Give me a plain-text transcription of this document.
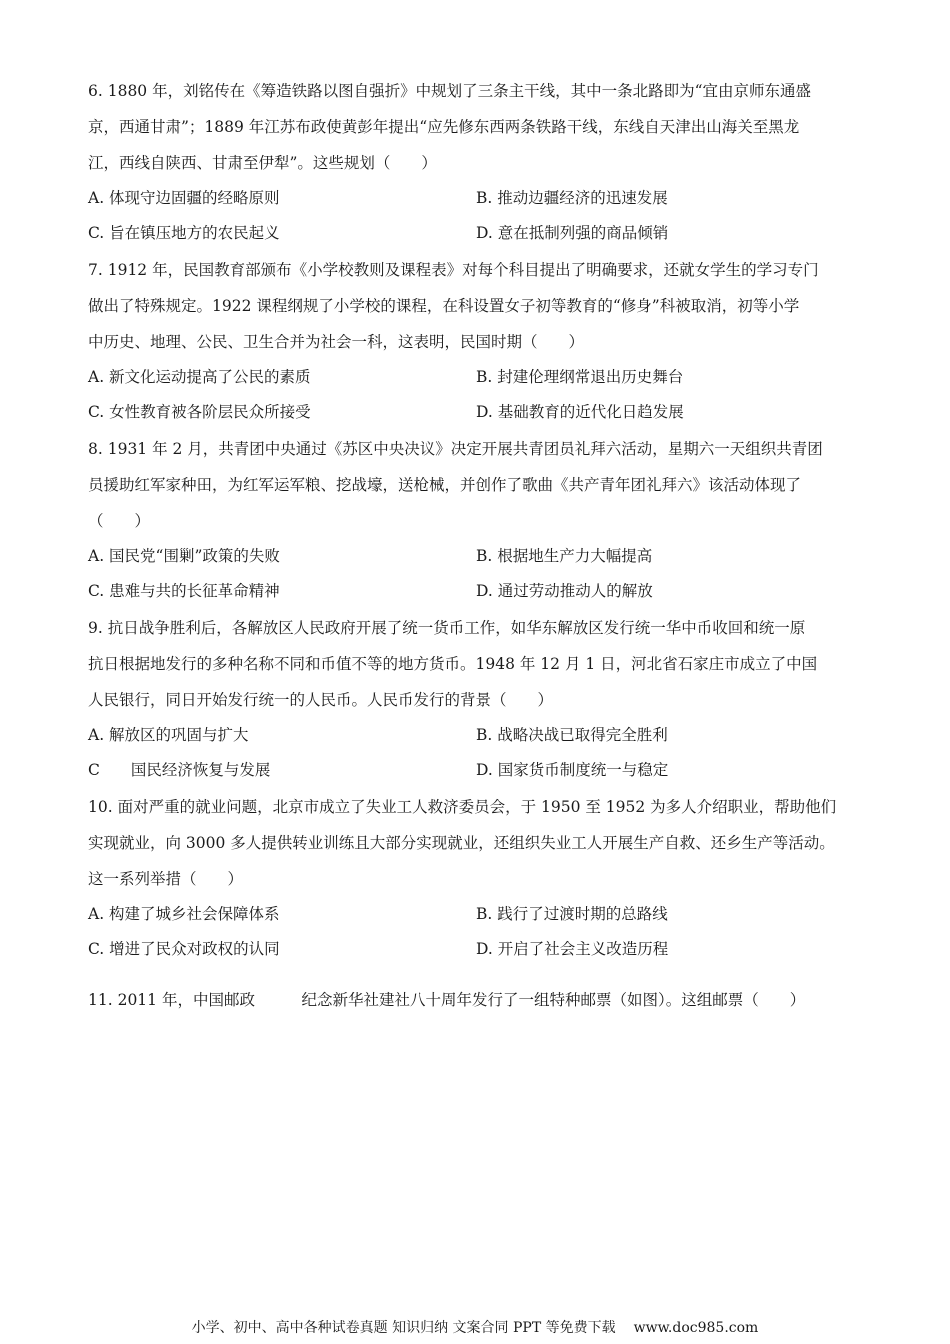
6. 1880 年，刘铭传在《筹造铁路以图自强折》中规划了三条主干线，其中一条北路即为“宜由京师东通盛
京，西通甘肃”；1889 年江苏布政使黄彭年提出“应先修东西两条铁路干线，东线自天津出山海关至黑龙
江，西线自陕西、甘肃至伊犁”。这些规划（　　）
A. 体现守边固疆的经略原则	B. 推动边疆经济的迅速发展
C. 旨在镇压地方的农民起义	D. 意在抵制列强的商品倾销
7. 1912 年，民国教育部颁布《小学校教则及课程表》对每个科目提出了明确要求，还就女学生的学习专门
做出了特殊规定。1922 课程纲规了小学校的课程，在科设置女子初等教育的“修身”科被取消，初等小学
中历史、地理、公民、卫生合并为社会一科，这表明，民国时期（　　）
A. 新文化运动提高了公民的素质	B. 封建伦理纲常退出历史舞台
C. 女性教育被各阶层民众所接受	D. 基础教育的近代化日趋发展
8. 1931 年 2 月，共青团中央通过《苏区中央决议》决定开展共青团员礼拜六活动，星期六一天组织共青团
员援助红军家种田，为红军运军粮、挖战壕，送枪械，并创作了歌曲《共产青年团礼拜六》该活动体现了
（　　）
A. 国民党“围剿”政策的失败	B. 根据地生产力大幅提高
C. 患难与共的长征革命精神	D. 通过劳动推动人的解放
9. 抗日战争胜利后，各解放区人民政府开展了统一货币工作，如华东解放区发行统一华中币收回和统一原
抗日根据地发行的多种名称不同和币值不等的地方货币。1948 年 12 月 1 日，河北省石家庄市成立了中国
人民银行，同日开始发行统一的人民币。人民币发行的背景（　　）
A. 解放区的巩固与扩大	B. 战略决战已取得完全胜利
C　　国民经济恢复与发展	D. 国家货币制度统一与稳定
10. 面对严重的就业问题，北京市成立了失业工人救济委员会，于 1950 至 1952 为多人介绍职业，帮助他们
实现就业，向 3000 多人提供转业训练且大部分实现就业，还组织失业工人开展生产自救、还乡生产等活动。
这一系列举措（　　）
A. 构建了城乡社会保障体系	B. 践行了过渡时期的总路线
C. 增进了民众对政权的认同	D. 开启了社会主义改造历程
11. 2011 年，中国邮政　　　纪念新华社建社八十周年发行了一组特种邮票（如图）。这组邮票（　　）
小学、初中、高中各种试卷真题 知识归纳 文案合同 PPT 等免费下载 www.doc985.com
